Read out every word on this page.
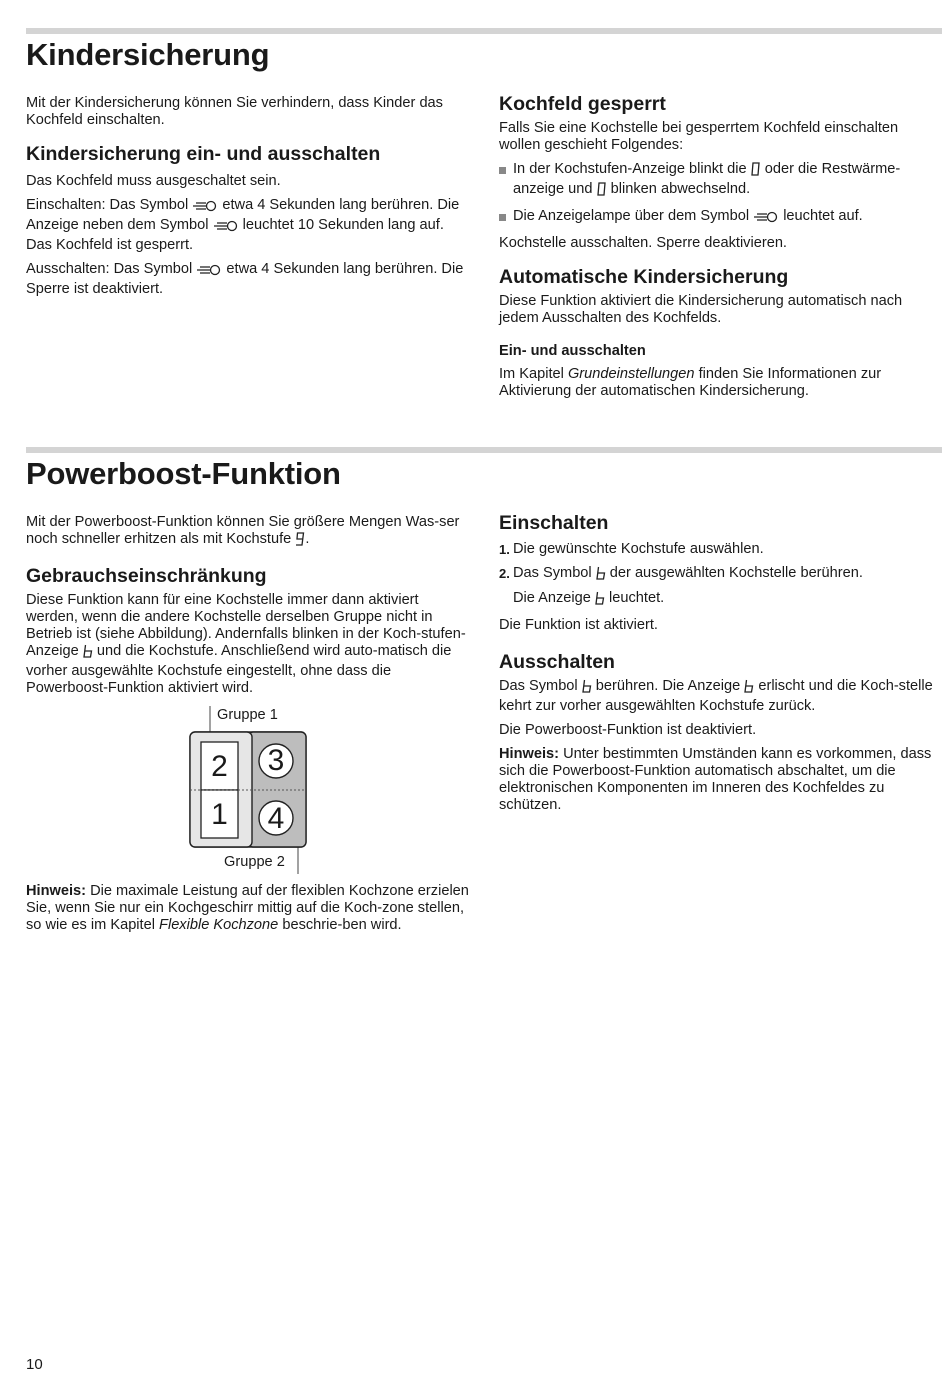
Kindersicherung

Mit der Kindersicherung können Sie verhindern, dass Kinder das Kochfeld einschalten.

Kindersicherung ein- und ausschalten

Das Kochfeld muss ausgeschaltet sein.

Einschalten: Das Symbol etwa 4 Sekunden lang berühren. Die Anzeige neben dem Symbol leuchtet 10 Sekunden lang auf. Das Kochfeld ist gesperrt.

Ausschalten: Das Symbol etwa 4 Sekunden lang berühren. Die Sperre ist deaktiviert.

Kochfeld gesperrt

Falls Sie eine Kochstelle bei gesperrtem Kochfeld einschalten wollen geschieht Folgendes:

In der Kochstufen-Anzeige blinkt die oder die Restwärme-anzeige und blinken abwechselnd.
Die Anzeigelampe über dem Symbol leuchtet auf.

Kochstelle ausschalten. Sperre deaktivieren.

Automatische Kindersicherung

Diese Funktion aktiviert die Kindersicherung automatisch nach jedem Ausschalten des Kochfelds.

Ein- und ausschalten

Im Kapitel Grundeinstellungen finden Sie Informationen zur Aktivierung der automatischen Kindersicherung.

Powerboost-Funktion

Mit der Powerboost-Funktion können Sie größere Mengen Was-ser noch schneller erhitzen als mit Kochstufe .

Gebrauchseinschränkung

Diese Funktion kann für eine Kochstelle immer dann aktiviert werden, wenn die andere Kochstelle derselben Gruppe nicht in Betrieb ist (siehe Abbildung). Andernfalls blinken in der Koch-stufen-Anzeige und die Kochstufe. Anschließend wird auto-matisch die vorher ausgewählte Kochstufe eingestellt, ohne dass die Powerboost-Funktion aktiviert wird.

Gruppe 1
Gruppe 2
2
1
3
4

Hinweis: Die maximale Leistung auf der flexiblen Kochzone erzielen Sie, wenn Sie nur ein Kochgeschirr mittig auf die Koch-zone stellen, so wie es im Kapitel Flexible Kochzone beschrie-ben wird.

Einschalten
1. Die gewünschte Kochstufe auswählen.
2. Das Symbol der ausgewählten Kochstelle berühren.
Die Anzeige leuchtet.

Die Funktion ist aktiviert.

Ausschalten

Das Symbol berühren. Die Anzeige erlischt und die Koch-stelle kehrt zur vorher ausgewählten Kochstufe zurück.

Die Powerboost-Funktion ist deaktiviert.

Hinweis: Unter bestimmten Umständen kann es vorkommen, dass sich die Powerboost-Funktion automatisch abschaltet, um die elektronischen Komponenten im Inneren des Kochfeldes zu schützen.

10
